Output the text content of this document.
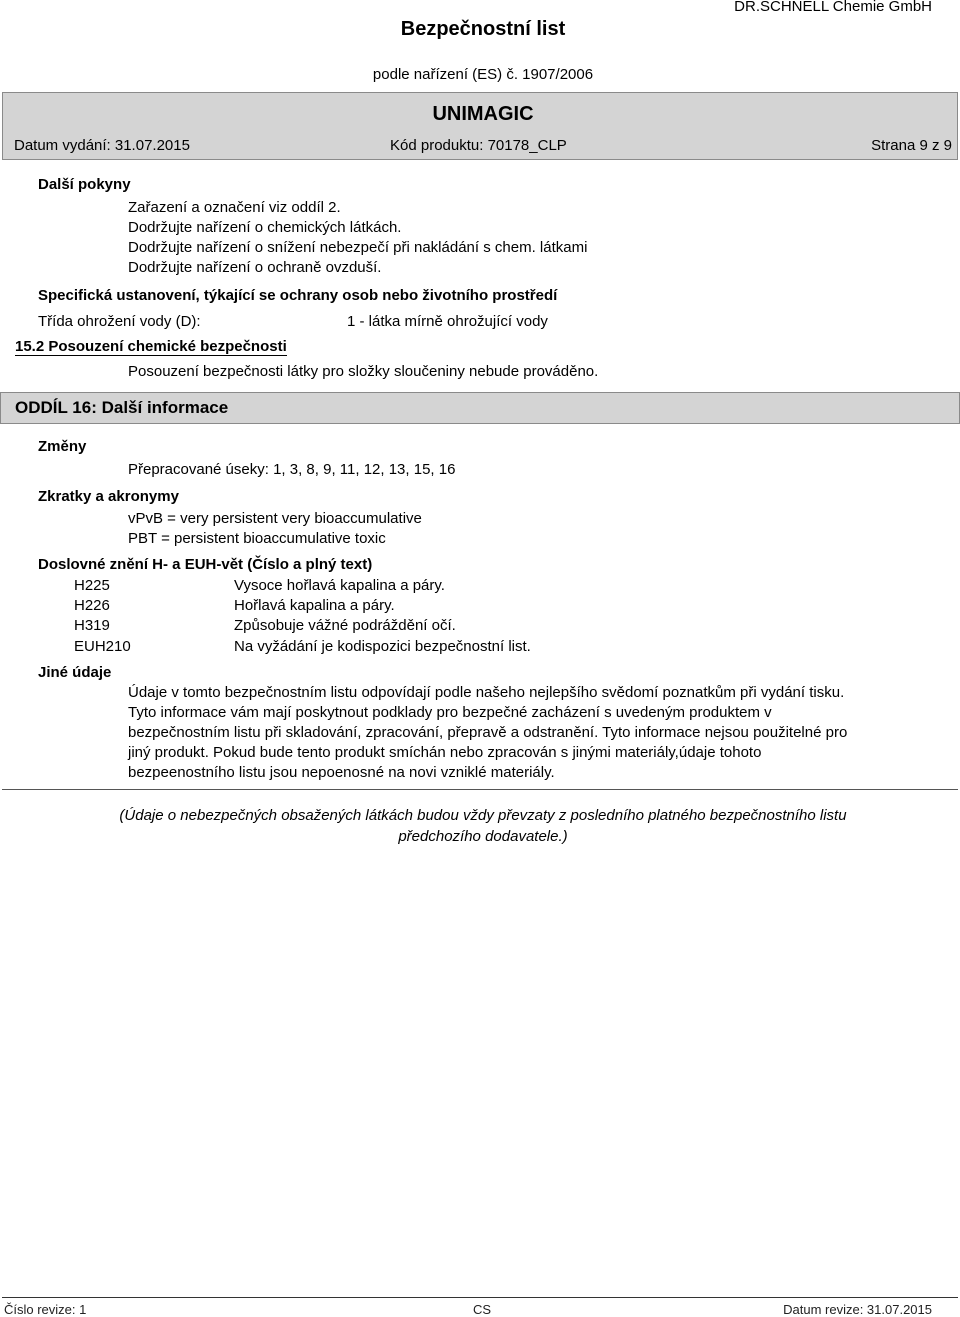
DR.SCHNELL Chemie GmbH
Bezpečnostní list
podle nařízení (ES) č. 1907/2006
UNIMAGIC
Datum vydání: 31.07.2015	Kód produktu: 70178_CLP	Strana 9 z 9
Další pokyny
Zařazení a označení viz oddíl 2.
Dodržujte nařízení o chemických látkách.
Dodržujte nařízení o snížení nebezpečí při nakládání s chem. látkami
Dodržujte nařízení o ochraně ovzduší.
Specifická ustanovení, týkající se ochrany osob nebo životního prostředí
Třída ohrožení vody (D):	1 - látka mírně ohrožující vody
15.2 Posouzení chemické bezpečnosti
Posouzení bezpečnosti látky pro složky sloučeniny nebude prováděno.
ODDÍL 16: Další informace
Změny
Přepracované úseky: 1, 3, 8, 9, 11, 12, 13, 15, 16
Zkratky a akronymy
vPvB = very persistent very bioaccumulative
PBT = persistent bioaccumulative toxic
Doslovné znění H- a EUH-vět (Číslo a plný text)
H225	Vysoce hořlavá kapalina a páry.
H226	Hořlavá kapalina a páry.
H319	Způsobuje vážné podráždění očí.
EUH210	Na vyžádání je kodispozici bezpečnostní list.
Jiné údaje
Údaje v tomto bezpečnostním listu odpovídají podle našeho nejlepšího svědomí poznatkům při vydání tisku. Tyto informace vám mají poskytnout podklady pro bezpečné zacházení s uvedeným produktem v bezpečnostním listu při skladování, zpracování, přepravě a odstranění. Tyto informace nejsou použitelné pro jiný produkt. Pokud bude tento produkt smíchán nebo zpracován s jinými materiály,údaje tohoto bezpeenostního listu jsou nepoenosné na novi vzniklé materiály.
(Údaje o nebezpečných obsažených látkách budou vždy převzaty z posledního platného bezpečnostního listu předchozího dodavatele.)
Číslo revize: 1	CS	Datum revize: 31.07.2015
